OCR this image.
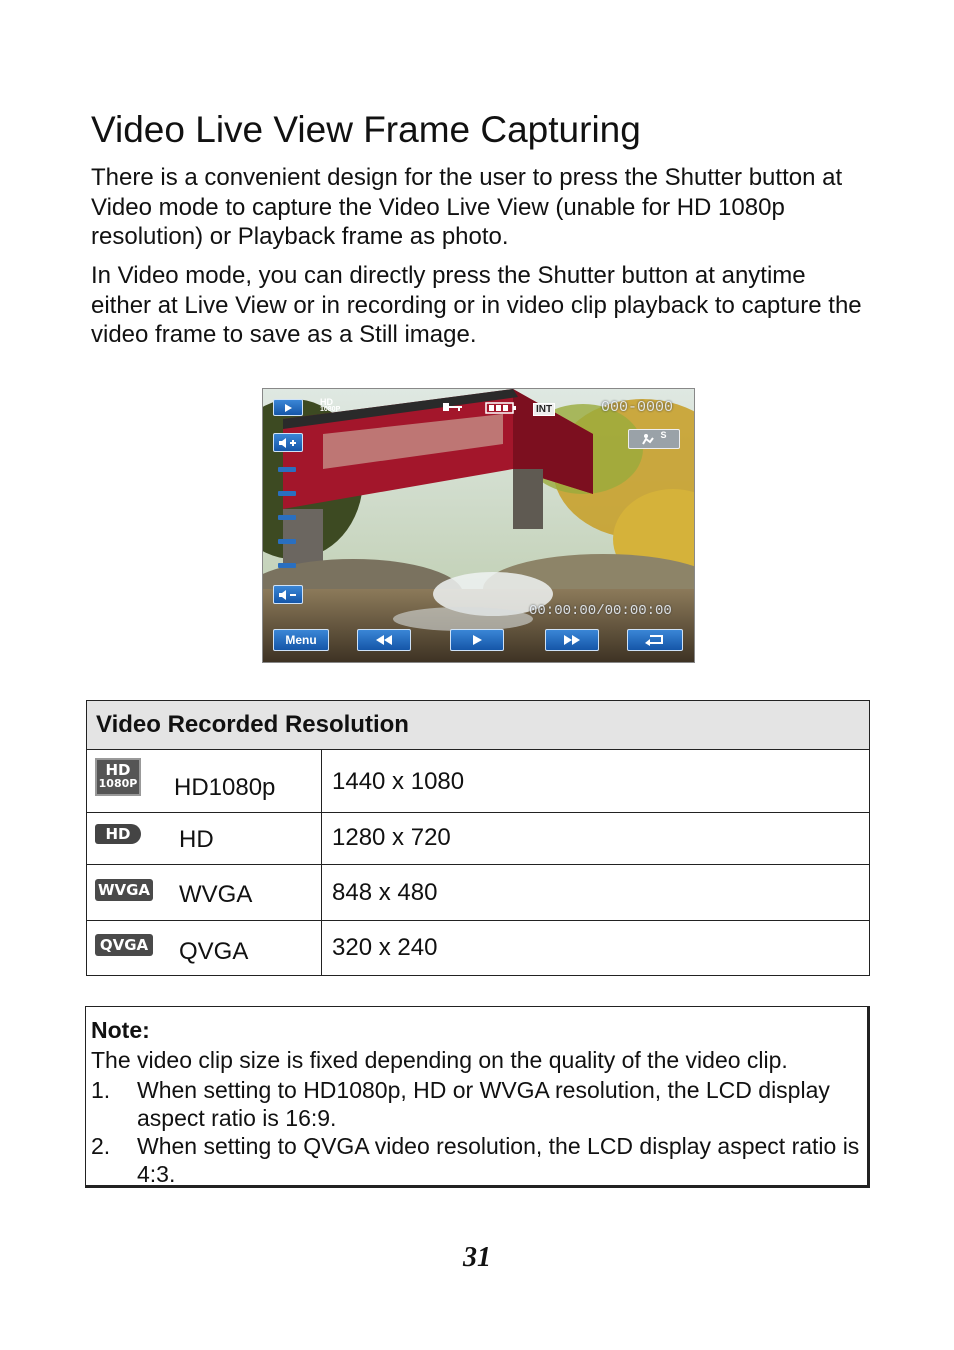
Video Live View Frame Capturing

There is a convenient design for the user to press the Shutter button at Video mode to capture the Video Live View (unable for HD 1080p resolution) or Playback frame as photo.

In Video mode, you can directly press the Shutter button at anytime either at Live View or in recording or in video clip playback to capture the video frame to save as a Still image.

HD
1080P	INT	000-0000
S
00:00:00/00:00:00
Menu
Video Recorded Resolution	

HD
1080P HD1080p	1440 x 1080

HD HD	1280 x 720

WVGA WVGA	848 x 480

QVGA QVGA	320 x 240

Note:

The video clip size is fixed depending on the quality of the video clip.

1. When setting to HD1080p, HD or WVGA resolution, the LCD display aspect ratio is 16:9.
2. When setting to QVGA video resolution, the LCD display aspect ratio is 4:3.
31
